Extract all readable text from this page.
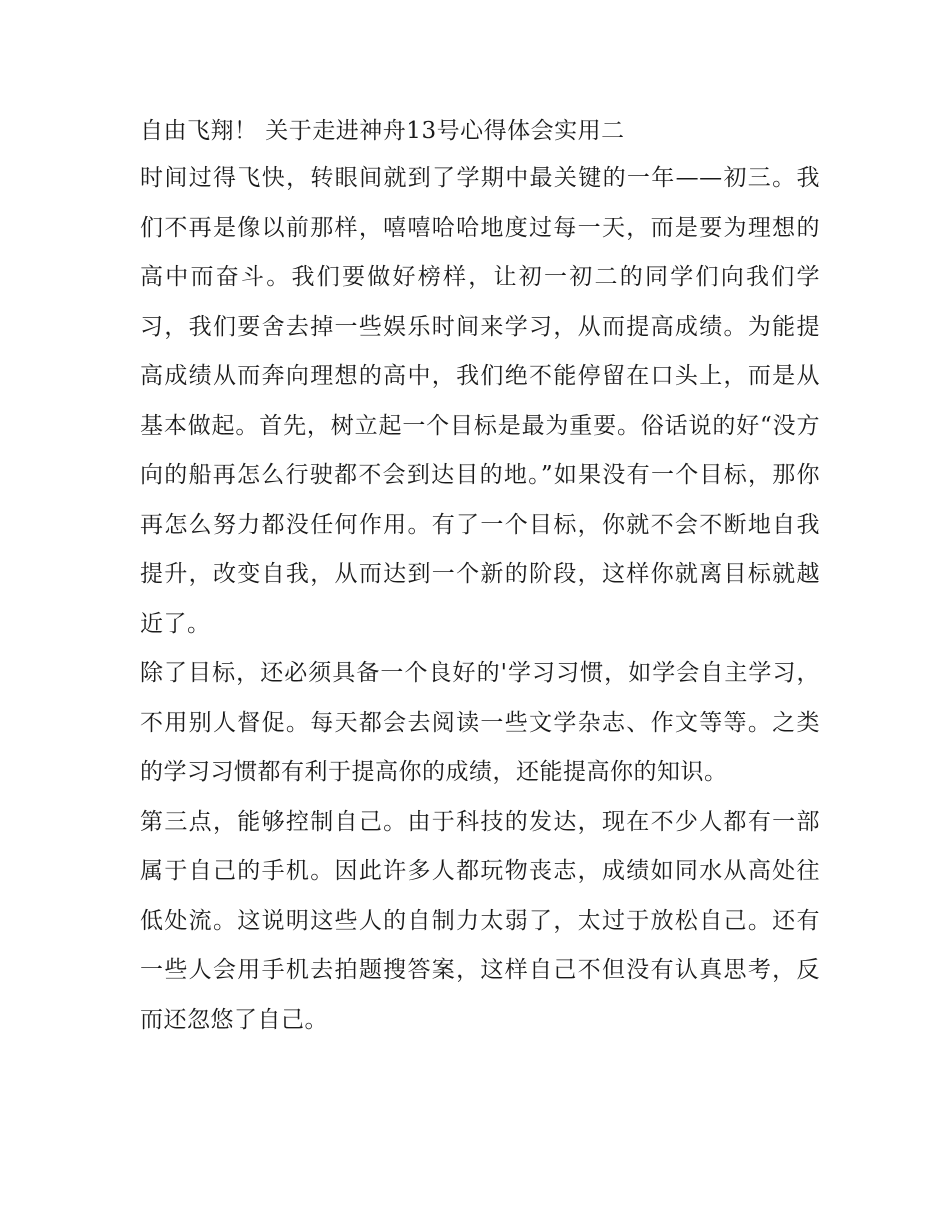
自由飞翔！ 关于走进神舟13号心得体会实用二

时间过得飞快，转眼间就到了学期中最关键的一年——初三。我们不再是像以前那样，嘻嘻哈哈地度过每一天，而是要为理想的高中而奋斗。我们要做好榜样，让初一初二的同学们向我们学习，我们要舍去掉一些娱乐时间来学习，从而提高成绩。为能提高成绩从而奔向理想的高中，我们绝不能停留在口头上，而是从基本做起。首先，树立起一个目标是最为重要。俗话说的好“没方向的船再怎么行驶都不会到达目的地。”如果没有一个目标，那你再怎么努力都没任何作用。有了一个目标，你就不会不断地自我提升，改变自我，从而达到一个新的阶段，这样你就离目标就越近了。

除了目标，还必须具备一个良好的'学习习惯，如学会自主学习，不用别人督促。每天都会去阅读一些文学杂志、作文等等。之类的学习习惯都有利于提高你的成绩，还能提高你的知识。

第三点，能够控制自己。由于科技的发达，现在不少人都有一部属于自己的手机。因此许多人都玩物丧志，成绩如同水从高处往低处流。这说明这些人的自制力太弱了，太过于放松自己。还有一些人会用手机去拍题搜答案，这样自己不但没有认真思考，反而还忽悠了自己。
